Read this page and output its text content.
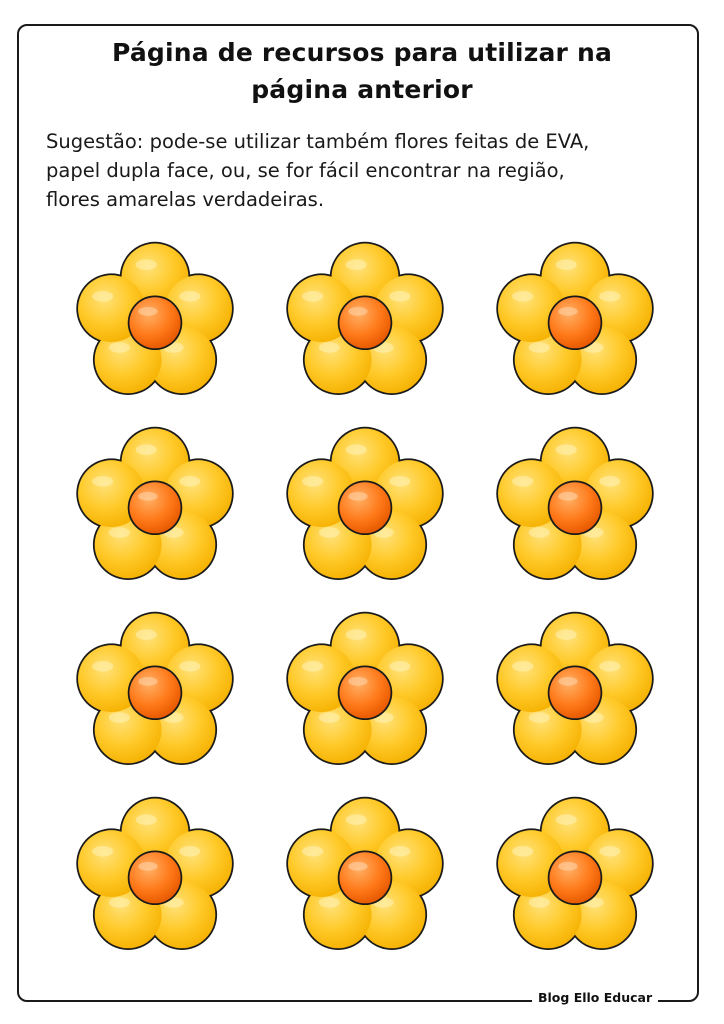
Página de recursos para utilizar na
página anterior
Sugestão: pode-se utilizar também flores feitas de EVA,
papel dupla face, ou, se for fácil encontrar na região,
flores amarelas verdadeiras.
Blog Ello Educar
